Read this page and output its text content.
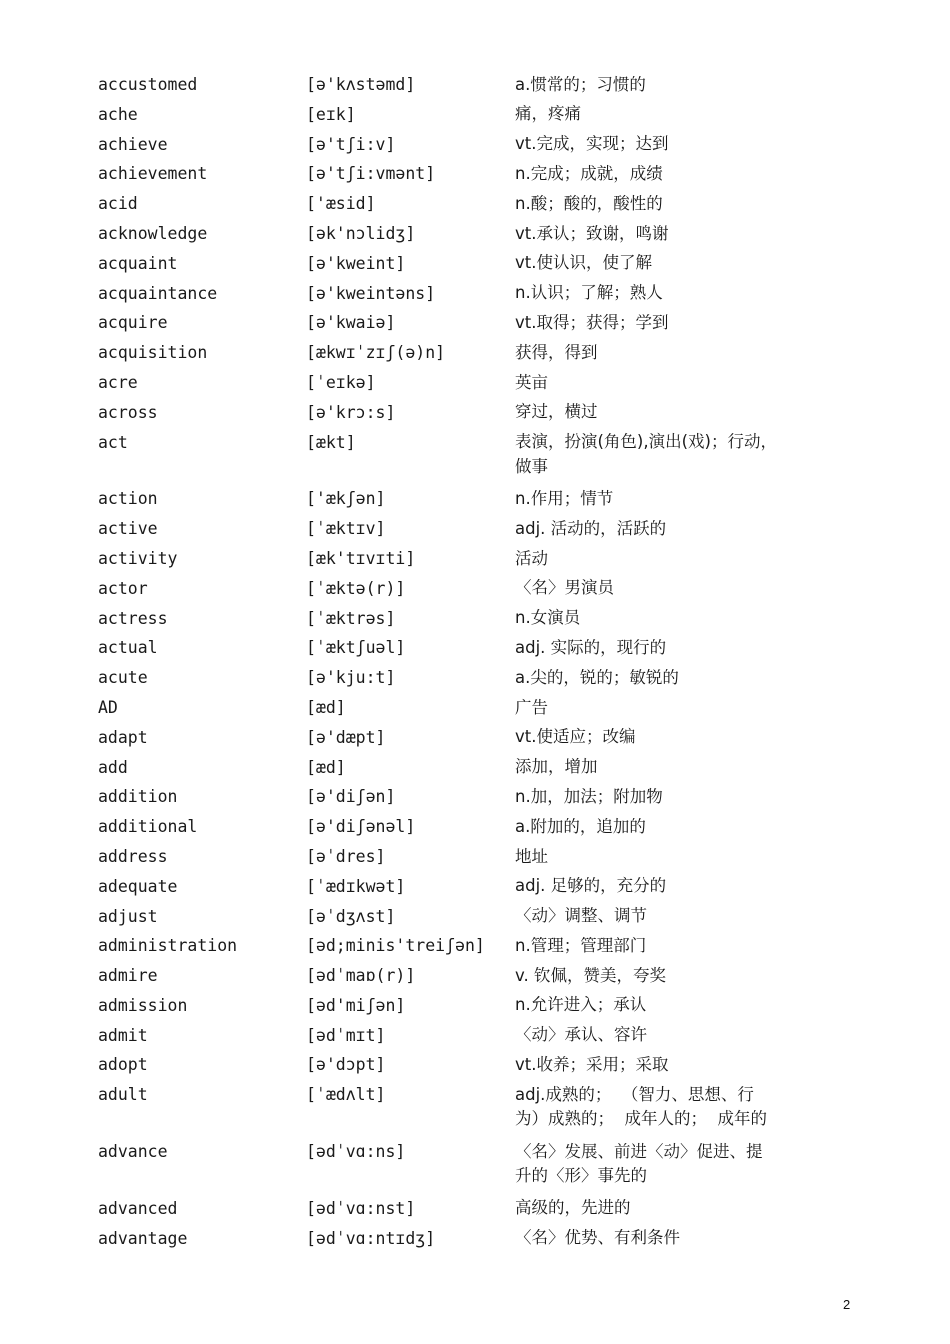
accustomed	[ə'kʌstəmd]	a.惯常的；习惯的
ache	[eɪk]	痛，疼痛
achieve	[ə'tʃi:v]	vt.完成，实现；达到
achievement	[ə'tʃi:vmənt]	n.完成；成就，成绩
acid	['æsid]	n.酸；酸的，酸性的
acknowledge	[ək'nɔlidʒ]	vt.承认；致谢，鸣谢
acquaint	[ə'kweint]	vt.使认识，使了解
acquaintance	[ə'kweintəns]	n.认识；了解；熟人
acquire	[ə'kwaiə]	vt.取得；获得；学到
acquisition	[ækwɪˈzɪʃ(ə)n]	获得，得到
acre	[ˈeɪkə]	英亩
across	[ə'krɔ:s]	穿过，横过
act	[ækt]	表演，扮演(角色),演出(戏)；行动，做事
action	['ækʃən]	n.作用；情节
active	[ˈæktɪv]	adj. 活动的，活跃的
activity	[æk'tɪvɪti]	活动
actor	[ˈæktə(r)]	〈名〉男演员
actress	[ˈæktrəs]	n.女演员
actual	[ˈæktʃuəl]	adj. 实际的，现行的
acute	[ə'kju:t]	a.尖的，锐的；敏锐的
AD	[æd]	广告
adapt	[ə'dæpt]	vt.使适应；改编
add	[æd]	添加，增加
addition	[ə'diʃən]	n.加，加法；附加物
additional	[ə'diʃənəl]	a.附加的，追加的
address	[əˈdres]	地址
adequate	[ˈædɪkwət]	adj. 足够的，充分的
adjust	[əˈdʒʌst]	〈动〉调整、调节
administration	[əd;minis'treiʃən]	n.管理；管理部门
admire	[ədˈmaɒ(r)]	v. 钦佩，赞美，夸奖
admission	[əd'miʃən]	n.允许进入；承认
admit	[ədˈmɪt]	〈动〉承认、容许
adopt	[ə'dɔpt]	vt.收养；采用；采取
adult	[ˈædʌlt]	adj.成熟的；  （智力、思想、行为）成熟的；  成年人的；  成年的
advance	[ədˈvɑ:ns]	〈名〉发展、前进〈动〉促进、提升的〈形〉事先的
advanced	[ədˈvɑ:nst]	高级的，先进的
advantage	[ədˈvɑ:ntɪdʒ]	〈名〉优势、有利条件
2
